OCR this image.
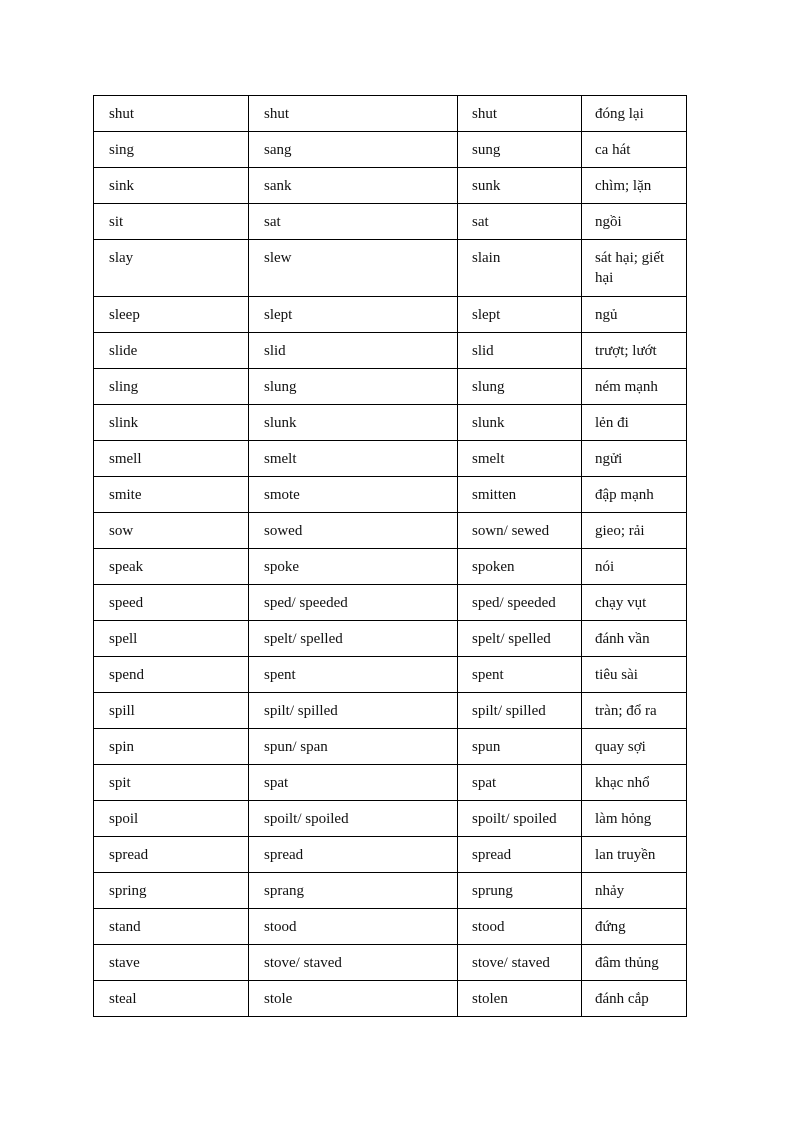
shut	shut	shut	đóng lại
sing	sang	sung	ca hát
sink	sank	sunk	chìm; lặn
sit	sat	sat	ngồi
slay	slew	slain	sát hại; giết hại
sleep	slept	slept	ngủ
slide	slid	slid	trượt; lướt
sling	slung	slung	ném mạnh
slink	slunk	slunk	lẻn đi
smell	smelt	smelt	ngửi
smite	smote	smitten	đập mạnh
sow	sowed	sown/ sewed	gieo; rải
speak	spoke	spoken	nói
speed	sped/ speeded	sped/ speeded	chạy vụt
spell	spelt/ spelled	spelt/ spelled	đánh vần
spend	spent	spent	tiêu sài
spill	spilt/ spilled	spilt/ spilled	tràn; đổ ra
spin	spun/ span	spun	quay sợi
spit	spat	spat	khạc nhổ
spoil	spoilt/ spoiled	spoilt/ spoiled	làm hỏng
spread	spread	spread	lan truyền
spring	sprang	sprung	nhảy
stand	stood	stood	đứng
stave	stove/ staved	stove/ staved	đâm thủng
steal	stole	stolen	đánh cắp
